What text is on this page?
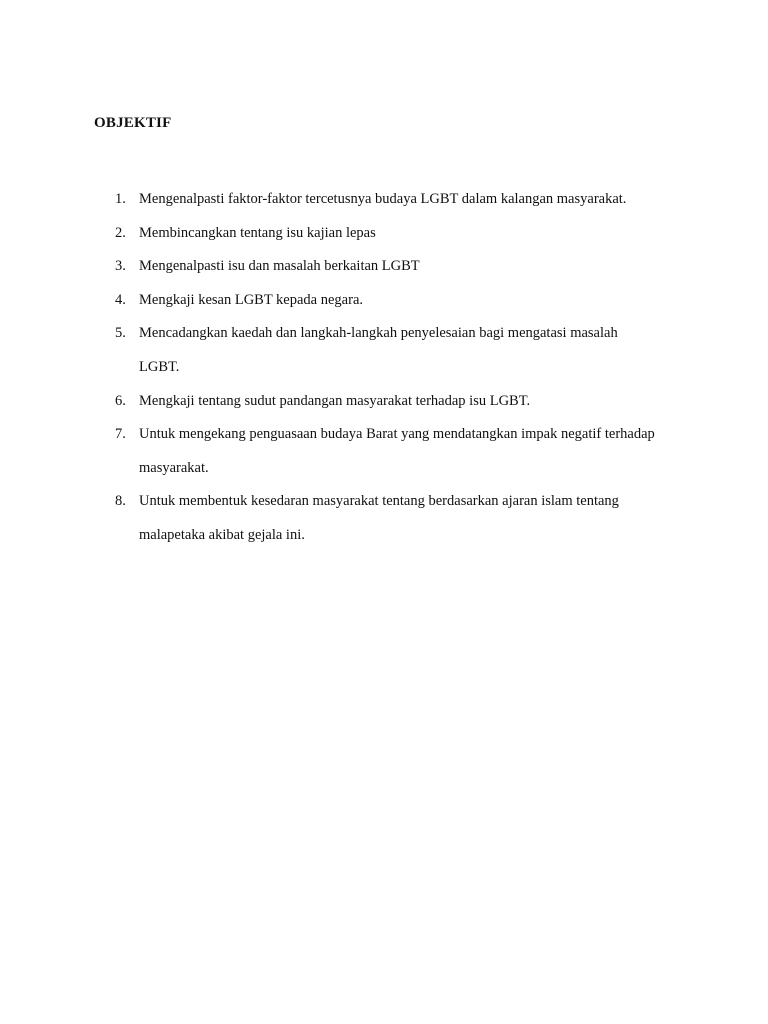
OBJEKTIF
1. Mengenalpasti faktor-faktor tercetusnya budaya LGBT dalam kalangan masyarakat.
2. Membincangkan tentang isu kajian lepas
3. Mengenalpasti isu dan masalah berkaitan LGBT
4. Mengkaji kesan LGBT kepada negara.
5. Mencadangkan kaedah dan langkah-langkah penyelesaian bagi mengatasi masalah LGBT.
6. Mengkaji tentang sudut pandangan masyarakat terhadap isu LGBT.
7. Untuk mengekang penguasaan budaya Barat yang mendatangkan impak negatif terhadap masyarakat.
8. Untuk membentuk kesedaran masyarakat tentang berdasarkan ajaran islam tentang malapetaka akibat gejala ini.
